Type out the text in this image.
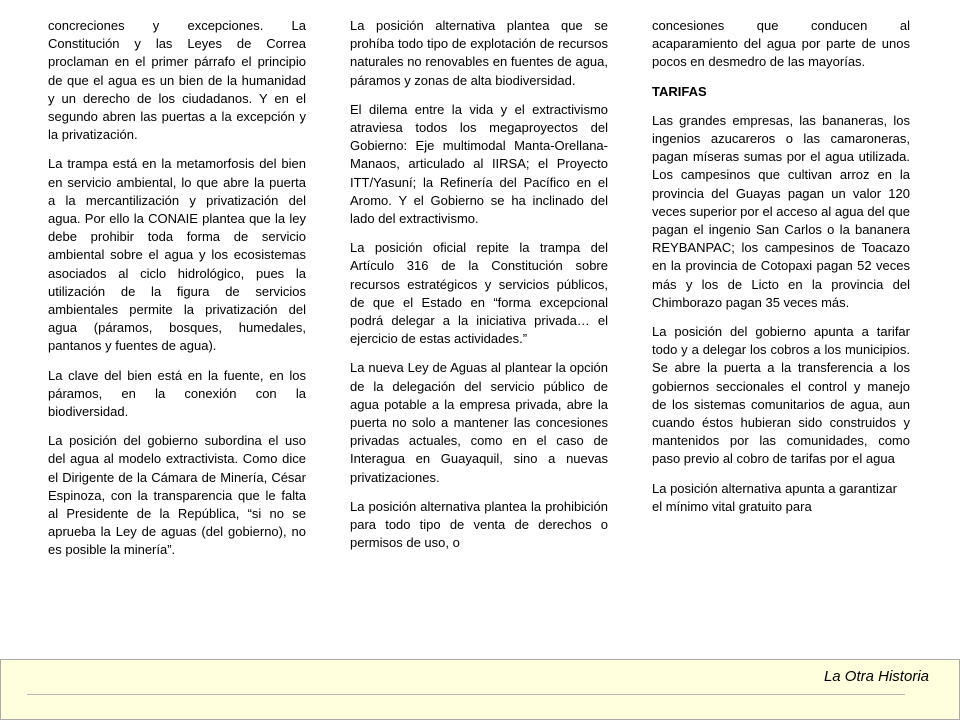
concreciones y excepciones. La Constitución y las Leyes de Correa proclaman en el primer párrafo el principio de que el agua es un bien de la humanidad y un derecho de los ciudadanos. Y en el segundo abren las puertas a la excepción y la privatización.

La trampa está en la metamorfosis del bien en servicio ambiental, lo que abre la puerta a la mercantilización y privatización del agua. Por ello la CONAIE plantea que la ley debe prohibir toda forma de servicio ambiental sobre el agua y los ecosistemas asociados al ciclo hidrológico, pues la utilización de la figura de servicios ambientales permite la privatización del agua (páramos, bosques, humedales, pantanos y fuentes de agua).

La clave del bien está en la fuente, en los páramos, en la conexión con la biodiversidad.

La posición del gobierno subordina el uso del agua al modelo extractivista. Como dice el Dirigente de la Cámara de Minería, César Espinoza, con la transparencia que le falta al Presidente de la República, “si no se aprueba la Ley de aguas (del gobierno), no es posible la minería”.

La posición alternativa plantea que se prohíba todo tipo de explotación de recursos naturales no renovables en fuentes de agua, páramos y zonas de alta biodiversidad.

El dilema entre la vida y el extractivismo atraviesa todos los megaproyectos del Gobierno: Eje multimodal Manta-Orellana-Manaos, articulado al IIRSA; el Proyecto ITT/Yasuní; la Refinería del Pacífico en el Aromo. Y el Gobierno se ha inclinado del lado del extractivismo.

La posición oficial repite la trampa del Artículo 316 de la Constitución sobre recursos estratégicos y servicios públicos, de que el Estado en “forma excepcional podrá delegar a la iniciativa privada… el ejercicio de estas actividades.”

La nueva Ley de Aguas al plantear la opción de la delegación del servicio público de agua potable a la empresa privada, abre la puerta no solo a mantener las concesiones privadas actuales, como en el caso de Interagua en Guayaquil, sino a nuevas privatizaciones.

La posición alternativa plantea la prohibición para todo tipo de venta de derechos o permisos de uso, o

concesiones que conducen al acaparamiento del agua por parte de unos pocos en desmedro de las mayorías.

TARIFAS

Las grandes empresas, las bananeras, los ingenios azucareros o las camaroneras, pagan míseras sumas por el agua utilizada. Los campesinos que cultivan arroz en la provincia del Guayas pagan un valor 120 veces superior por el acceso al agua del que pagan el ingenio San Carlos o la bananera REYBANPAC; los campesinos de Toacazo en la provincia de Cotopaxi pagan 52 veces más y los de Licto en la provincia del Chimborazo pagan 35 veces más.

La posición del gobierno apunta a tarifar todo y a delegar los cobros a los municipios. Se abre la puerta a la transferencia a los gobiernos seccionales el control y manejo de los sistemas comunitarios de agua, aun cuando éstos hubieran sido construidos y mantenidos por las comunidades, como paso previo al cobro de tarifas por el agua

La posición alternativa apunta a garantizar el mínimo vital gratuito para

La Otra Historia
